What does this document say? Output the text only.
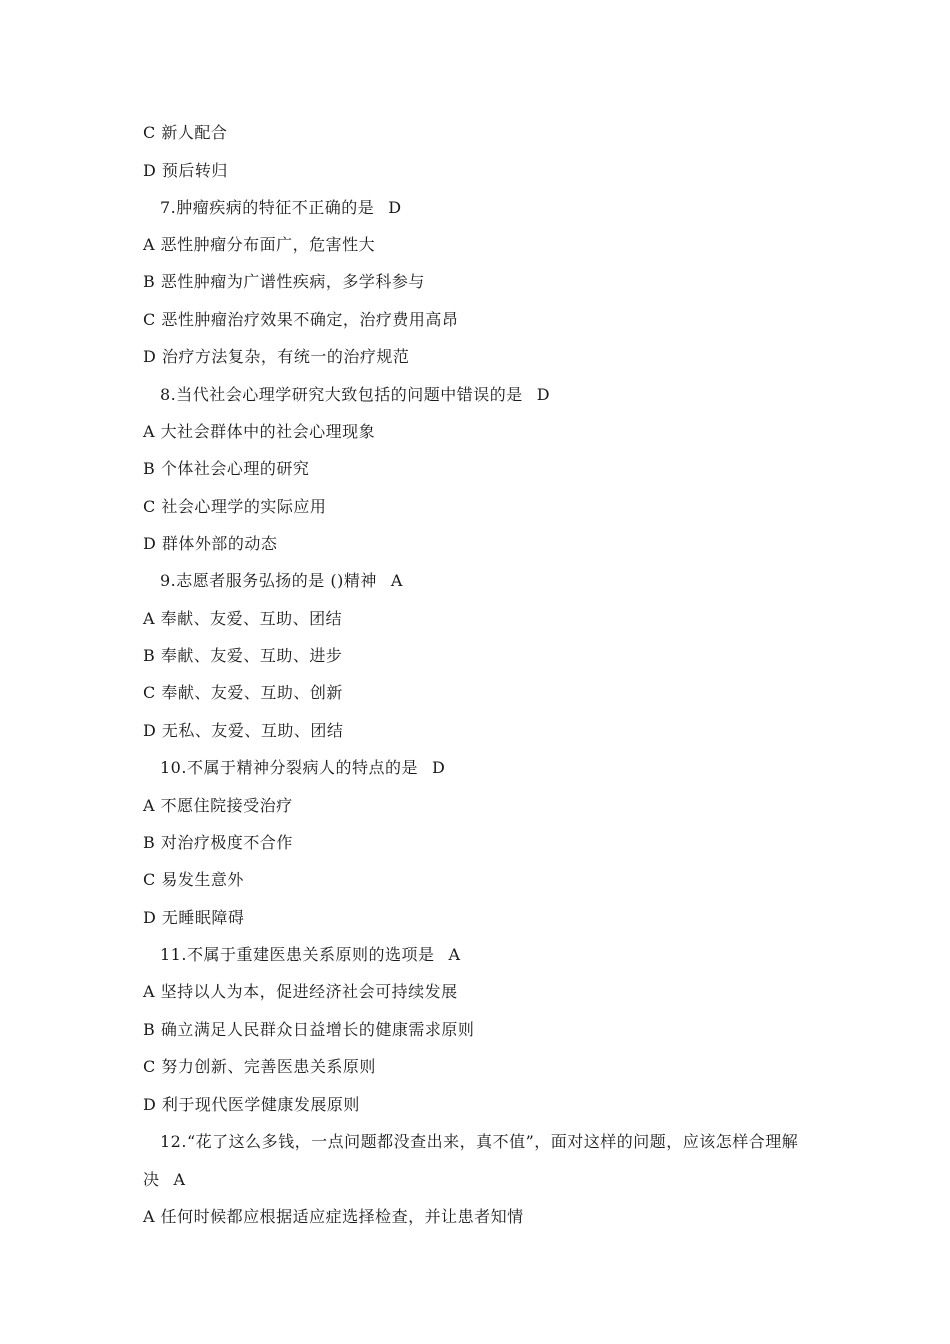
C 新人配合
D 预后转归
7.肿瘤疾病的特征不正确的是 D
A 恶性肿瘤分布面广，危害性大
B 恶性肿瘤为广谱性疾病，多学科参与
C 恶性肿瘤治疗效果不确定，治疗费用高昂
D 治疗方法复杂，有统一的治疗规范
8.当代社会心理学研究大致包括的问题中错误的是 D
A 大社会群体中的社会心理现象
B 个体社会心理的研究
C 社会心理学的实际应用
D 群体外部的动态
9.志愿者服务弘扬的是 ()精神 A
A 奉献、友爱、互助、团结
B 奉献、友爱、互助、进步
C 奉献、友爱、互助、创新
D 无私、友爱、互助、团结
10.不属于精神分裂病人的特点的是 D
A 不愿住院接受治疗
B 对治疗极度不合作
C 易发生意外
D 无睡眠障碍
11.不属于重建医患关系原则的选项是 A
A 坚持以人为本，促进经济社会可持续发展
B 确立满足人民群众日益增长的健康需求原则
C 努力创新、完善医患关系原则
D 利于现代医学健康发展原则
12.“花了这么多钱，一点问题都没查出来，真不值”，面对这样的问题，应该怎样合理解
决 A
A 任何时候都应根据适应症选择检查，并让患者知情
